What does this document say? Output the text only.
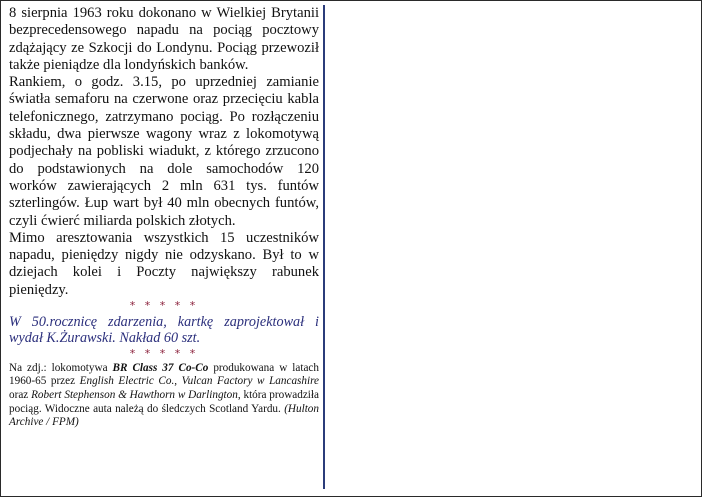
8 sierpnia 1963 roku dokonano w Wielkiej Brytanii bezprecedensowego napadu na pociąg pocztowy zdążający ze Szkocji do Londynu. Pociąg przewoził także pieniądze dla londyńskich banków.

Rankiem, o godz. 3.15, po uprzedniej zamianie światła semaforu na czerwone oraz przecięciu kabla telefonicznego, zatrzymano pociąg. Po rozłączeniu składu, dwa pierwsze wagony wraz z lokomotywą podjechały na pobliski wiadukt, z którego zrzucono do podstawionych na dole samochodów 120 worków zawierających 2 mln 631 tys. funtów szterlingów. Łup wart był 40 mln obecnych funtów, czyli ćwierć miliarda polskich złotych.

Mimo aresztowania wszystkich 15 uczestników napadu, pieniędzy nigdy nie odzyskano. Był to w dziejach kolei i Poczty największy rabunek pieniędzy.

* * * * *

W 50.rocznicę zdarzenia, kartkę zaprojektował i wydał K.Żurawski. Nakład 60 szt.

* * * * *

Na zdj.: lokomotywa BR Class 37 Co-Co produkowana w latach 1960-65 przez English Electric Co., Vulcan Factory w Lancashire oraz Robert Stephenson & Hawthorn w Darlington, która prowadziła pociąg. Widoczne auta należą do śledczych Scotland Yardu. (Hulton Archive / FPM)
